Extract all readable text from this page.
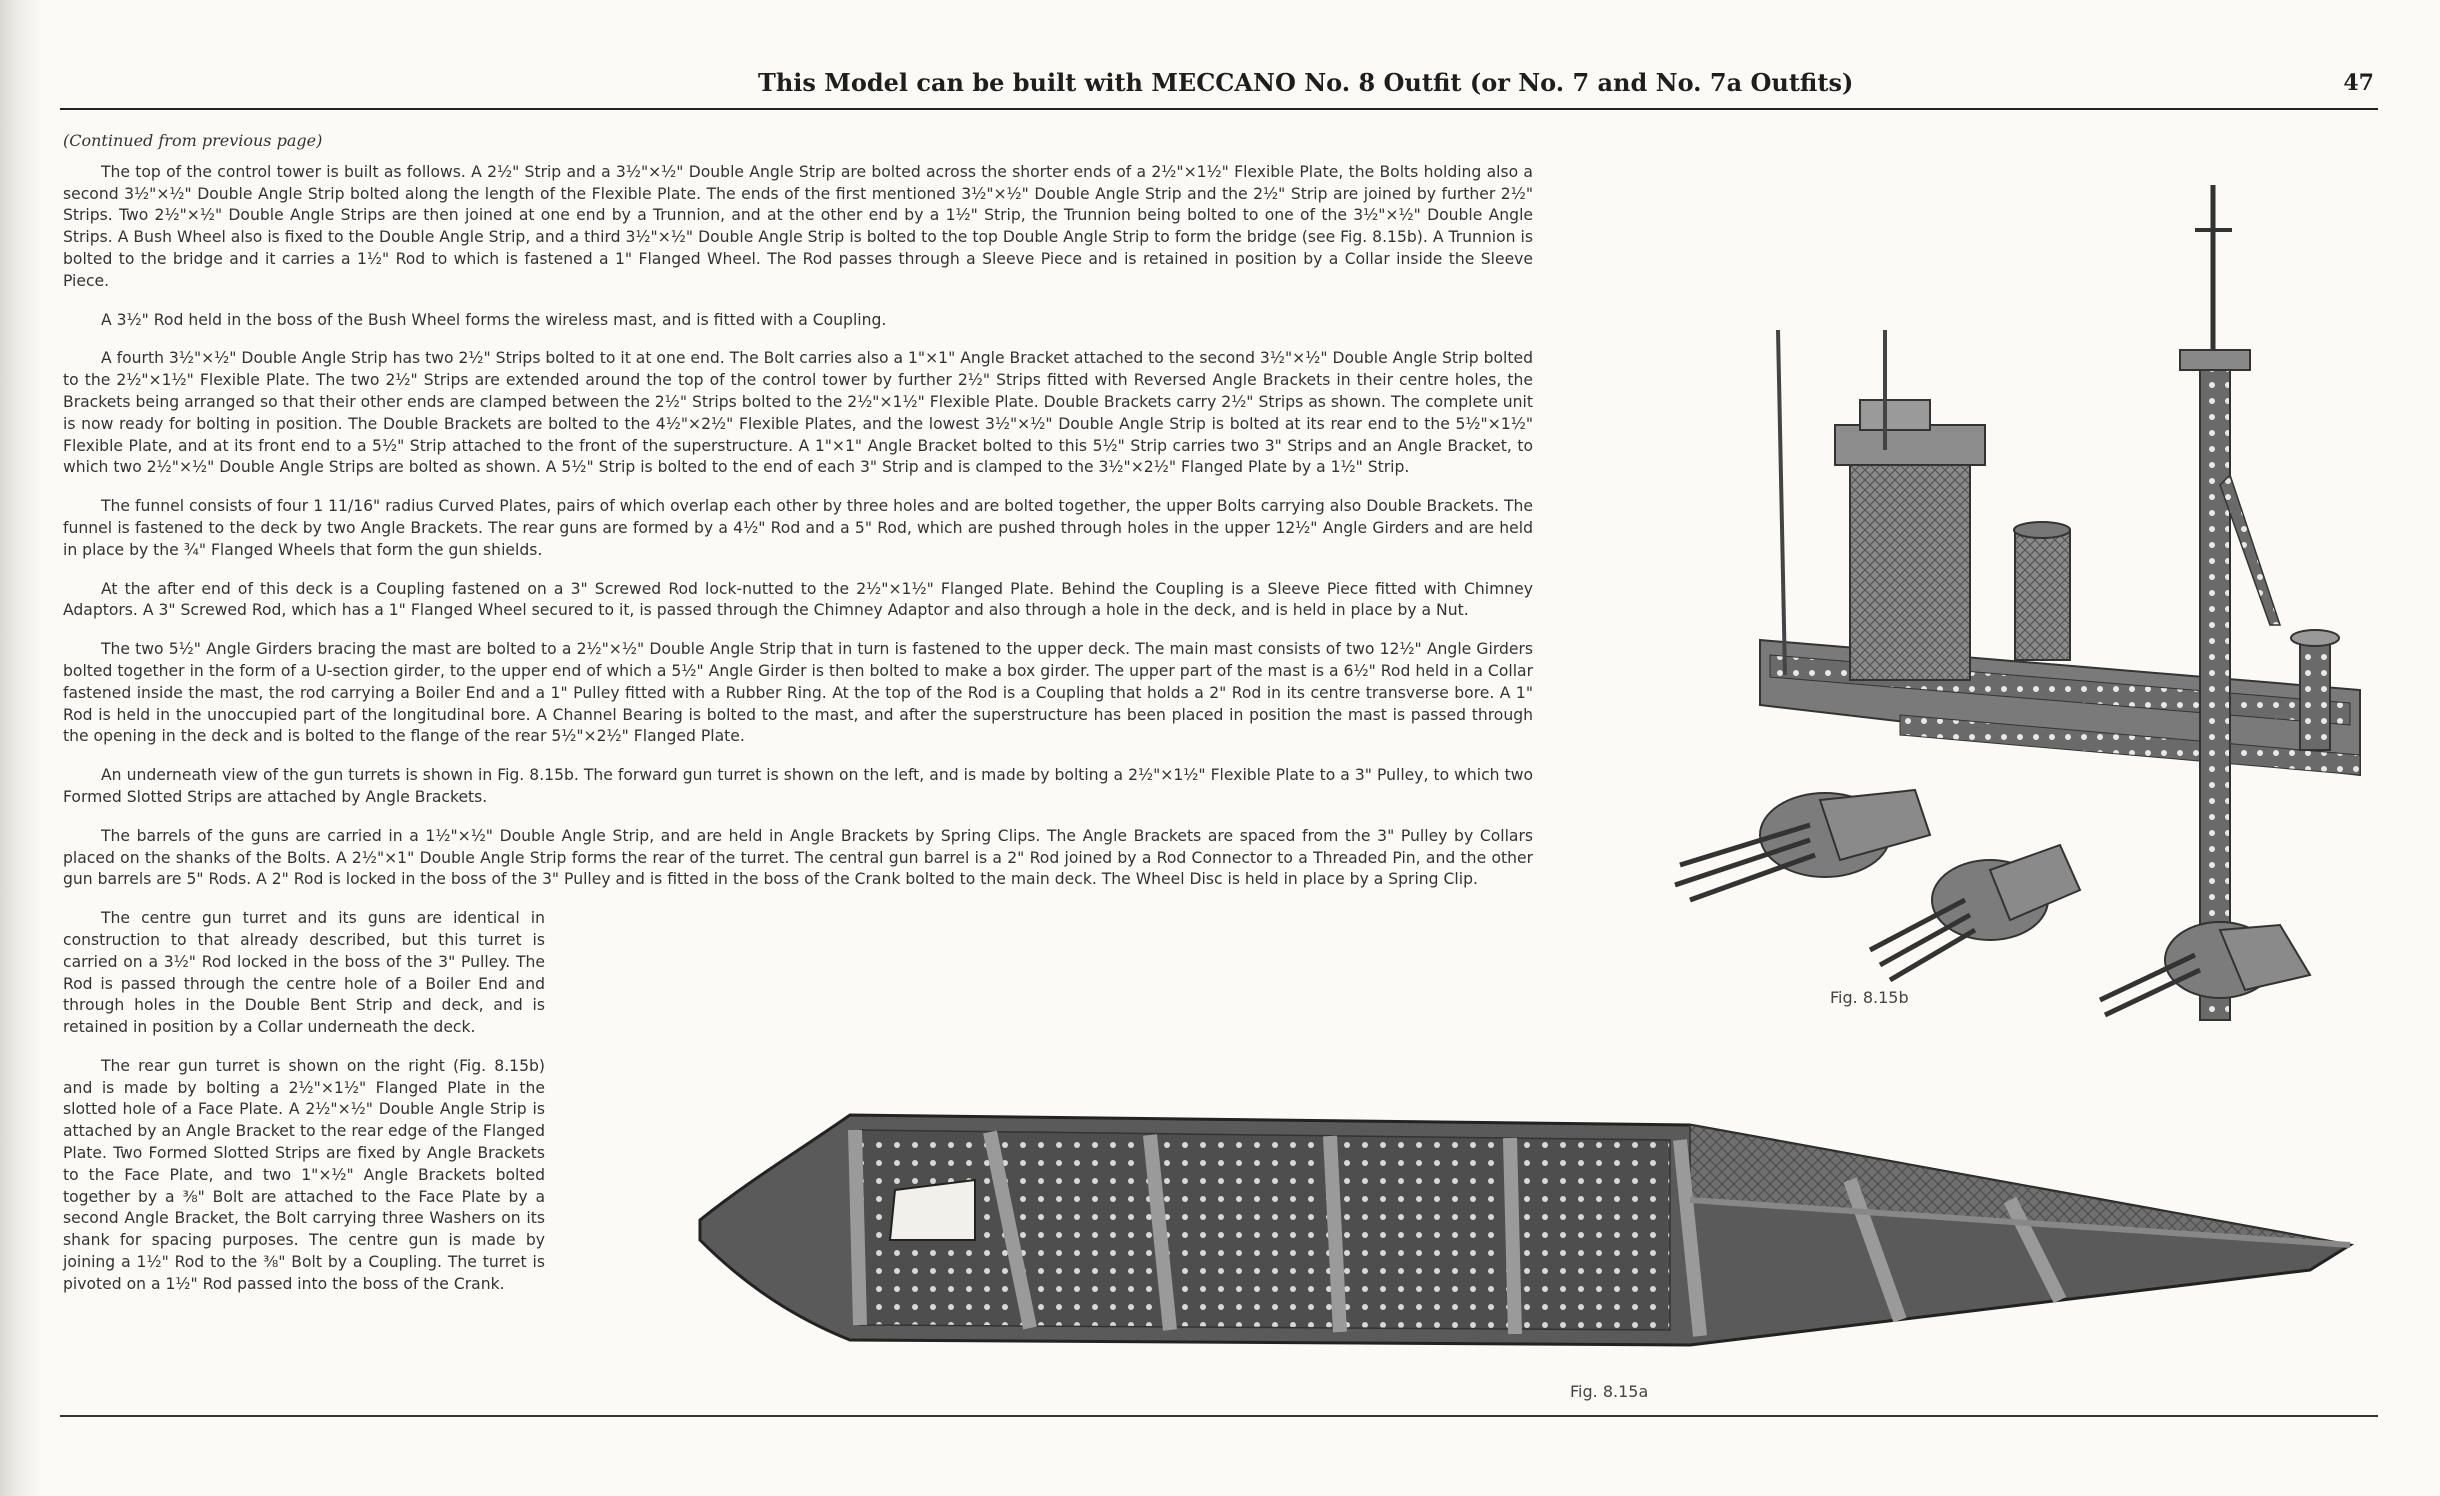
This Model can be built with MECCANO No. 8 Outfit (or No. 7 and No. 7a Outfits)	47
(Continued from previous page)

The top of the control tower is built as follows. A 2½" Strip and a 3½"×½" Double Angle Strip are bolted across the shorter ends of a 2½"×1½" Flexible Plate, the Bolts holding also a second 3½"×½" Double Angle Strip bolted along the length of the Flexible Plate. The ends of the first mentioned 3½"×½" Double Angle Strip and the 2½" Strip are joined by further 2½" Strips. Two 2½"×½" Double Angle Strips are then joined at one end by a Trunnion, and at the other end by a 1½" Strip, the Trunnion being bolted to one of the 3½"×½" Double Angle Strips. A Bush Wheel also is fixed to the Double Angle Strip, and a third 3½"×½" Double Angle Strip is bolted to the top Double Angle Strip to form the bridge (see Fig. 8.15b). A Trunnion is bolted to the bridge and it carries a 1½" Rod to which is fastened a 1" Flanged Wheel. The Rod passes through a Sleeve Piece and is retained in position by a Collar inside the Sleeve Piece.

A 3½" Rod held in the boss of the Bush Wheel forms the wireless mast, and is fitted with a Coupling.

A fourth 3½"×½" Double Angle Strip has two 2½" Strips bolted to it at one end. The Bolt carries also a 1"×1" Angle Bracket attached to the second 3½"×½" Double Angle Strip bolted to the 2½"×1½" Flexible Plate. The two 2½" Strips are extended around the top of the control tower by further 2½" Strips fitted with Reversed Angle Brackets in their centre holes, the Brackets being arranged so that their other ends are clamped between the 2½" Strips bolted to the 2½"×1½" Flexible Plate. Double Brackets carry 2½" Strips as shown. The complete unit is now ready for bolting in position. The Double Brackets are bolted to the 4½"×2½" Flexible Plates, and the lowest 3½"×½" Double Angle Strip is bolted at its rear end to the 5½"×1½" Flexible Plate, and at its front end to a 5½" Strip attached to the front of the superstructure. A 1"×1" Angle Bracket bolted to this 5½" Strip carries two 3" Strips and an Angle Bracket, to which two 2½"×½" Double Angle Strips are bolted as shown. A 5½" Strip is bolted to the end of each 3" Strip and is clamped to the 3½"×2½" Flanged Plate by a 1½" Strip.

The funnel consists of four 1 11/16" radius Curved Plates, pairs of which overlap each other by three holes and are bolted together, the upper Bolts carrying also Double Brackets. The funnel is fastened to the deck by two Angle Brackets. The rear guns are formed by a 4½" Rod and a 5" Rod, which are pushed through holes in the upper 12½" Angle Girders and are held in place by the ¾" Flanged Wheels that form the gun shields.

At the after end of this deck is a Coupling fastened on a 3" Screwed Rod lock-nutted to the 2½"×1½" Flanged Plate. Behind the Coupling is a Sleeve Piece fitted with Chimney Adaptors. A 3" Screwed Rod, which has a 1" Flanged Wheel secured to it, is passed through the Chimney Adaptor and also through a hole in the deck, and is held in place by a Nut.

The two 5½" Angle Girders bracing the mast are bolted to a 2½"×½" Double Angle Strip that in turn is fastened to the upper deck. The main mast consists of two 12½" Angle Girders bolted together in the form of a U-section girder, to the upper end of which a 5½" Angle Girder is then bolted to make a box girder. The upper part of the mast is a 6½" Rod held in a Collar fastened inside the mast, the rod carrying a Boiler End and a 1" Pulley fitted with a Rubber Ring. At the top of the Rod is a Coupling that holds a 2" Rod in its centre transverse bore. A 1" Rod is held in the unoccupied part of the longitudinal bore. A Channel Bearing is bolted to the mast, and after the superstructure has been placed in position the mast is passed through the opening in the deck and is bolted to the flange of the rear 5½"×2½" Flanged Plate.

An underneath view of the gun turrets is shown in Fig. 8.15b. The forward gun turret is shown on the left, and is made by bolting a 2½"×1½" Flexible Plate to a 3" Pulley, to which two Formed Slotted Strips are attached by Angle Brackets.

The barrels of the guns are carried in a 1½"×½" Double Angle Strip, and are held in Angle Brackets by Spring Clips. The Angle Brackets are spaced from the 3" Pulley by Collars placed on the shanks of the Bolts. A 2½"×1" Double Angle Strip forms the rear of the turret. The central gun barrel is a 2" Rod joined by a Rod Connector to a Threaded Pin, and the other gun barrels are 5" Rods. A 2" Rod is locked in the boss of the 3" Pulley and is fitted in the boss of the Crank bolted to the main deck. The Wheel Disc is held in place by a Spring Clip.

The centre gun turret and its guns are identical in construction to that already described, but this turret is carried on a 3½" Rod locked in the boss of the 3" Pulley. The Rod is passed through the centre hole of a Boiler End and through holes in the Double Bent Strip and deck, and is retained in position by a Collar underneath the deck.

The rear gun turret is shown on the right (Fig. 8.15b) and is made by bolting a 2½"×1½" Flanged Plate in the slotted hole of a Face Plate. A 2½"×½" Double Angle Strip is attached by an Angle Bracket to the rear edge of the Flanged Plate. Two Formed Slotted Strips are fixed by Angle Brackets to the Face Plate, and two 1"×½" Angle Brackets bolted together by a ⅜" Bolt are attached to the Face Plate by a second Angle Bracket, the Bolt carrying three Washers on its shank for spacing purposes. The centre gun is made by joining a 1½" Rod to the ⅜" Bolt by a Coupling. The turret is pivoted on a 1½" Rod passed into the boss of the Crank.

Fig. 8.15b
Fig. 8.15a
